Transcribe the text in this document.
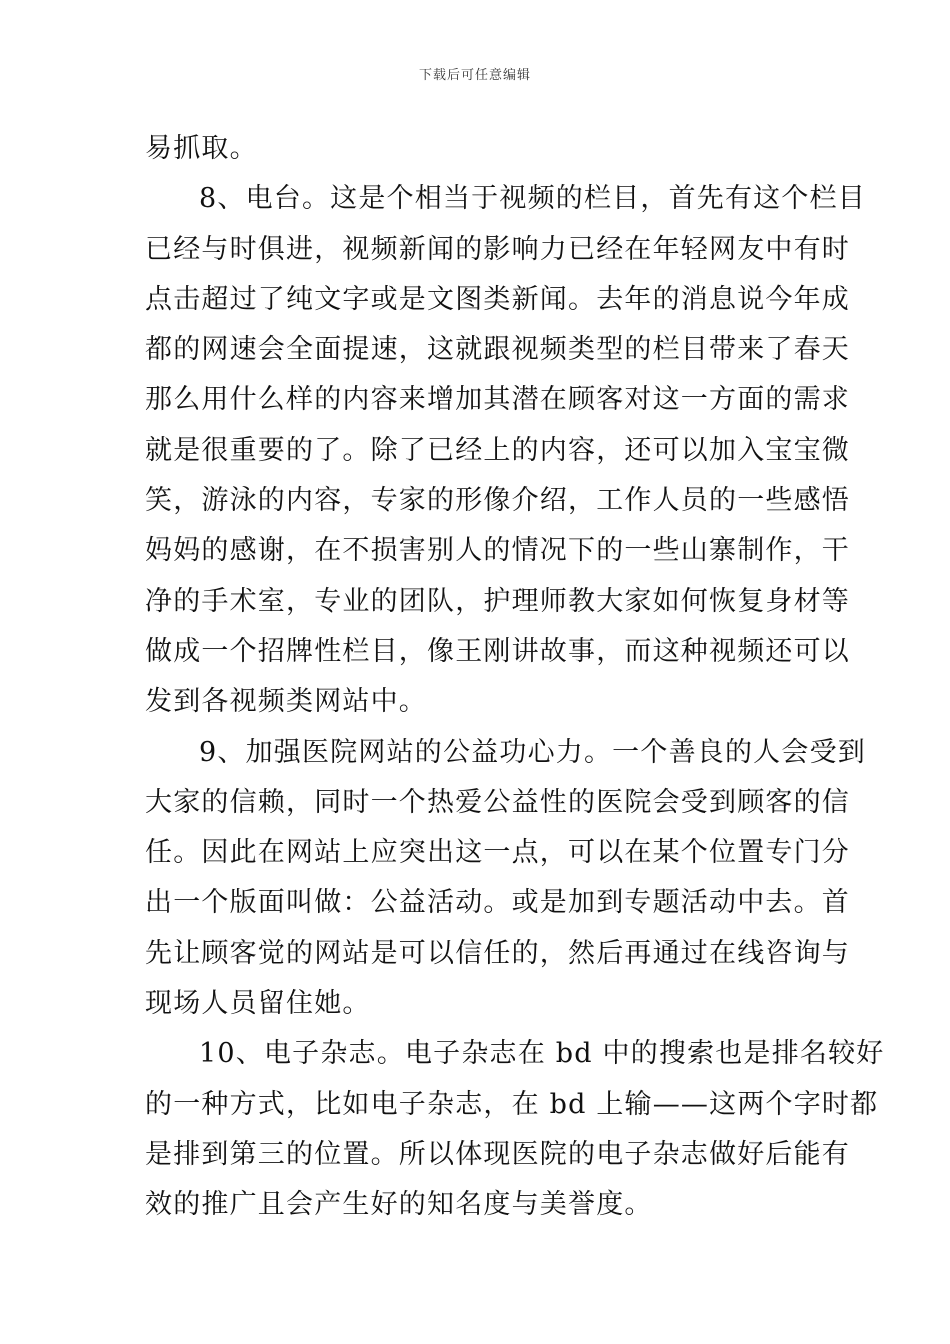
下载后可任意编辑
易抓取。
8、电台。这是个相当于视频的栏目，首先有这个栏目
已经与时俱进，视频新闻的影响力已经在年轻网友中有时
点击超过了纯文字或是文图类新闻。去年的消息说今年成
都的网速会全面提速，这就跟视频类型的栏目带来了春天
那么用什么样的内容来增加其潜在顾客对这一方面的需求
就是很重要的了。除了已经上的内容，还可以加入宝宝微
笑，游泳的内容，专家的形像介绍，工作人员的一些感悟
妈妈的感谢，在不损害别人的情况下的一些山寨制作，干
净的手术室，专业的团队，护理师教大家如何恢复身材等
做成一个招牌性栏目，像王刚讲故事，而这种视频还可以
发到各视频类网站中。
9、加强医院网站的公益功心力。一个善良的人会受到
大家的信赖，同时一个热爱公益性的医院会受到顾客的信
任。因此在网站上应突出这一点，可以在某个位置专门分
出一个版面叫做：公益活动。或是加到专题活动中去。首
先让顾客觉的网站是可以信任的，然后再通过在线咨询与
现场人员留住她。
10、电子杂志。电子杂志在 bd 中的搜索也是排名较好
的一种方式，比如电子杂志，在 bd 上输——这两个字时都
是排到第三的位置。所以体现医院的电子杂志做好后能有
效的推广且会产生好的知名度与美誉度。
